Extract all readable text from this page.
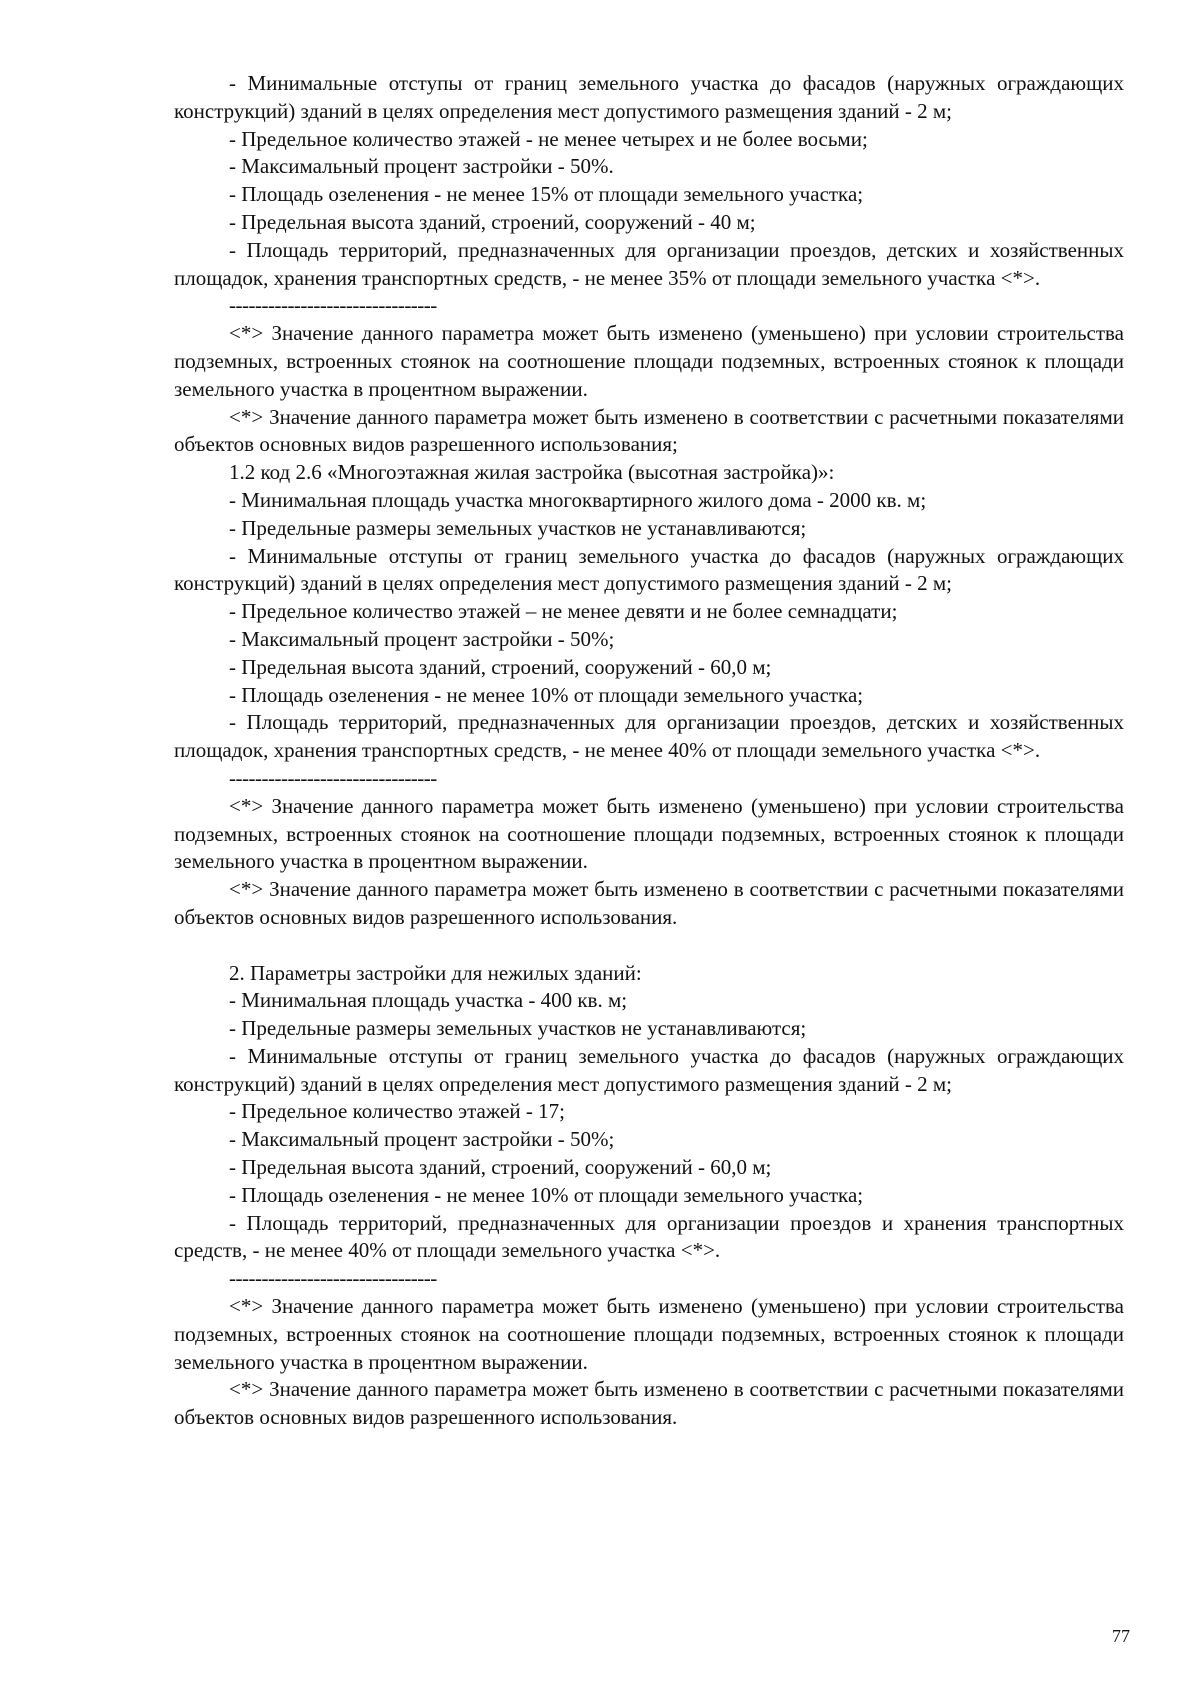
- Минимальные отступы от границ земельного участка до фасадов (наружных ограждающих конструкций) зданий в целях определения мест допустимого размещения зданий - 2 м;

- Предельное количество этажей - не менее четырех и не более восьми;

- Максимальный процент застройки - 50%.

- Площадь озеленения - не менее 15% от площади земельного участка;

- Предельная высота зданий, строений, сооружений - 40 м;

- Площадь территорий, предназначенных для организации проездов, детских и хозяйственных площадок, хранения транспортных средств, - не менее 35% от площади земельного участка <*>.

--------------------------------

<*> Значение данного параметра может быть изменено (уменьшено) при условии строительства подземных, встроенных стоянок на соотношение площади подземных, встроенных стоянок к площади земельного участка в процентном выражении.

<*> Значение данного параметра может быть изменено в соответствии с расчетными показателями объектов основных видов разрешенного использования;

1.2 код 2.6 «Многоэтажная жилая застройка (высотная застройка)»:

- Минимальная площадь участка многоквартирного жилого дома - 2000 кв. м;

- Предельные размеры земельных участков не устанавливаются;

- Минимальные отступы от границ земельного участка до фасадов (наружных ограждающих конструкций) зданий в целях определения мест допустимого размещения зданий - 2 м;

- Предельное количество этажей – не менее девяти и не более семнадцати;

- Максимальный процент застройки - 50%;

- Предельная высота зданий, строений, сооружений - 60,0 м;

- Площадь озеленения - не менее 10% от площади земельного участка;

- Площадь территорий, предназначенных для организации проездов, детских и хозяйственных площадок, хранения транспортных средств, - не менее 40% от площади земельного участка <*>.

--------------------------------

<*> Значение данного параметра может быть изменено (уменьшено) при условии строительства подземных, встроенных стоянок на соотношение площади подземных, встроенных стоянок к площади земельного участка в процентном выражении.

<*> Значение данного параметра может быть изменено в соответствии с расчетными показателями объектов основных видов разрешенного использования.

2. Параметры застройки для нежилых зданий:

- Минимальная площадь участка - 400 кв. м;

- Предельные размеры земельных участков не устанавливаются;

- Минимальные отступы от границ земельного участка до фасадов (наружных ограждающих конструкций) зданий в целях определения мест допустимого размещения зданий - 2 м;

- Предельное количество этажей - 17;

- Максимальный процент застройки - 50%;

- Предельная высота зданий, строений, сооружений - 60,0 м;

- Площадь озеленения - не менее 10% от площади земельного участка;

- Площадь территорий, предназначенных для организации проездов и хранения транспортных средств, - не менее 40% от площади земельного участка <*>.

--------------------------------

<*> Значение данного параметра может быть изменено (уменьшено) при условии строительства подземных, встроенных стоянок на соотношение площади подземных, встроенных стоянок к площади земельного участка в процентном выражении.

<*> Значение данного параметра может быть изменено в соответствии с расчетными показателями объектов основных видов разрешенного использования.

77
